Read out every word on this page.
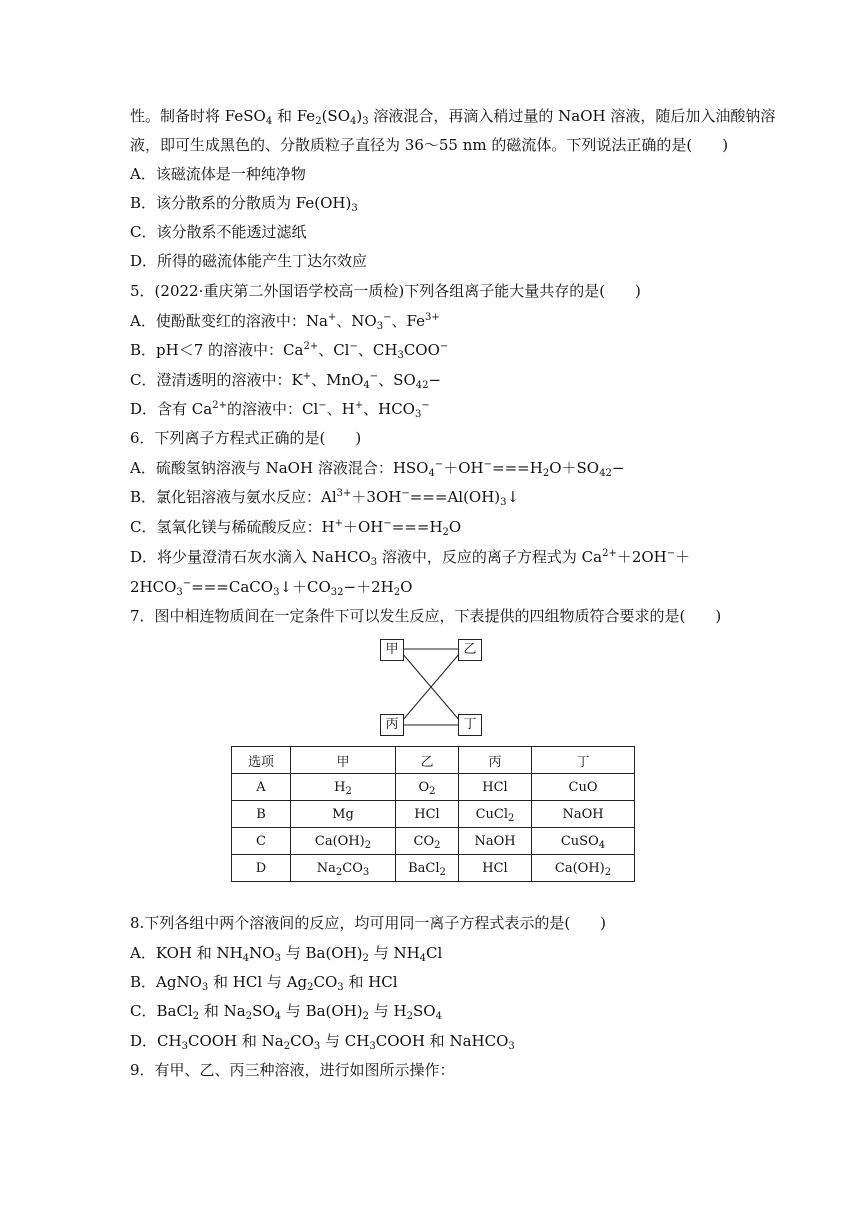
性。制备时将 FeSO$_4$ 和 $Fe_2(SO_4)_3$ 溶液混合，再滴入稍过量的 NaOH 溶液，随后加入油酸钠溶
液，即可生成黑色的、分散质粒子直径为 36～55 nm 的磁流体。下列说法正确的是(　　)
A．该磁流体是一种纯净物
B．该分散系的分散质为 $Fe(OH)_3$
C．该分散系不能透过滤纸
D．所得的磁流体能产生丁达尔效应
5．(2022·重庆第二外国语学校高一质检)下列各组离子能大量共存的是(　　)
A．使酚酞变红的溶液中：Na+、$NO_3^-$、$Fe^{3+}$
B．pH＜7 的溶液中：$Ca^{2+}$、Cl−、$CH_3COO^-$
C．澄清透明的溶液中：K+、MnO$_4$−、$SO_{42}-$
D．含有 $Ca^{2+}$的溶液中：Cl−、H+、$HCO_3^-$
6．下列离子方程式正确的是(　　)
A．硫酸氢钠溶液与 NaOH 溶液混合：$HSO_4^-+OH^-===H_2O+SO_{42}-$
B．氯化铝溶液与氨水反应：$Al^{3+}+3OH^-===Al(OH)_3↓$
C．氢氧化镁与稀硫酸反应：$H^++OH^-===H_2O$
D．将少量澄清石灰水滴入 NaHCO$_3$ 溶液中，反应的离子方程式为 $Ca^{2+}+2OH^-+$
$2HCO_3^-===CaCO_3↓+CO_{32}-+2H_2O$
7．图中相连物质间在一定条件下可以发生反应，下表提供的四组物质符合要求的是(　　)
甲	乙
丙	丁
选项	甲	乙	丙	丁
A	$H_2$	$O_2$	HCl	CuO
B	Mg	HCl	CuCl$_2$	NaOH
C	$Ca(OH)_2$	$CO_2$	NaOH	CuSO$_4$
D	$Na_2CO_3$	BaCl$_2$	HCl	$Ca(OH)_2$
8.下列各组中两个溶液间的反应，均可用同一离子方程式表示的是(　　)
A．KOH 和 $NH_4NO_3$ 与 $Ba(OH)_2$ 与 $NH_4Cl$
B．AgNO$_3$ 和 HCl 与 $Ag_2CO_3$ 和 HCl
C．BaCl$_2$ 和 $Na_2SO_4$ 与 $Ba(OH)_2$ 与 $H_2SO_4$
D．$CH_3COOH$ 和 $Na_2CO_3$ 与 $CH_3COOH$ 和 NaHCO$_3$
9．有甲、乙、丙三种溶液，进行如图所示操作：
